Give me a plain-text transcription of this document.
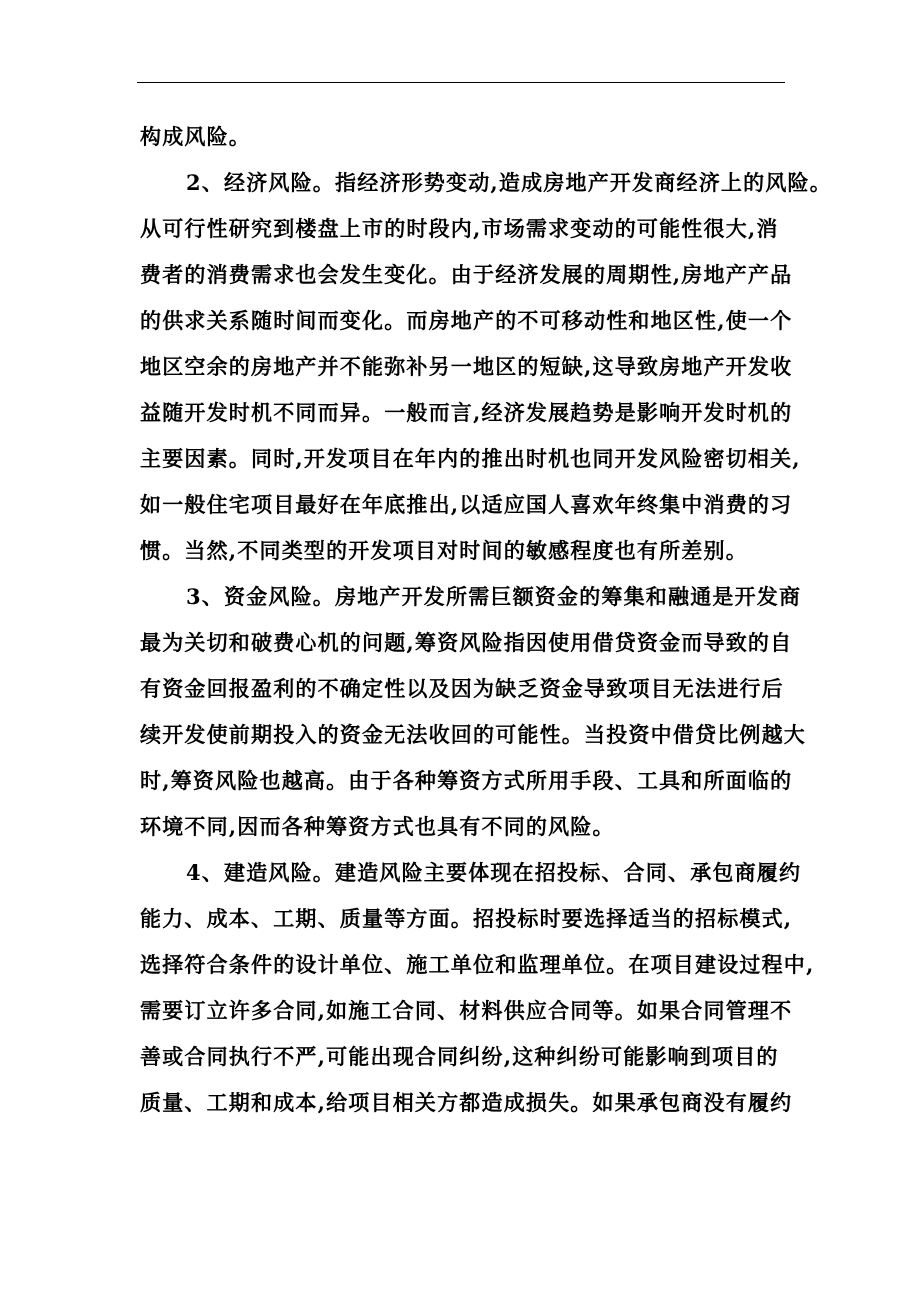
构成风险。
2、经济风险。指经济形势变动,造成房地产开发商经济上的风险。
从可行性研究到楼盘上市的时段内,市场需求变动的可能性很大,消
费者的消费需求也会发生变化。由于经济发展的周期性,房地产产品
的供求关系随时间而变化。而房地产的不可移动性和地区性,使一个
地区空余的房地产并不能弥补另一地区的短缺,这导致房地产开发收
益随开发时机不同而异。一般而言,经济发展趋势是影响开发时机的
主要因素。同时,开发项目在年内的推出时机也同开发风险密切相关,
如一般住宅项目最好在年底推出,以适应国人喜欢年终集中消费的习
惯。当然,不同类型的开发项目对时间的敏感程度也有所差别。
3、资金风险。房地产开发所需巨额资金的筹集和融通是开发商
最为关切和破费心机的问题,筹资风险指因使用借贷资金而导致的自
有资金回报盈利的不确定性以及因为缺乏资金导致项目无法进行后
续开发使前期投入的资金无法收回的可能性。当投资中借贷比例越大
时,筹资风险也越高。由于各种筹资方式所用手段、工具和所面临的
环境不同,因而各种筹资方式也具有不同的风险。
4、建造风险。建造风险主要体现在招投标、合同、承包商履约
能力、成本、工期、质量等方面。招投标时要选择适当的招标模式,
选择符合条件的设计单位、施工单位和监理单位。在项目建设过程中,
需要订立许多合同,如施工合同、材料供应合同等。如果合同管理不
善或合同执行不严,可能出现合同纠纷,这种纠纷可能影响到项目的
质量、工期和成本,给项目相关方都造成损失。如果承包商没有履约
